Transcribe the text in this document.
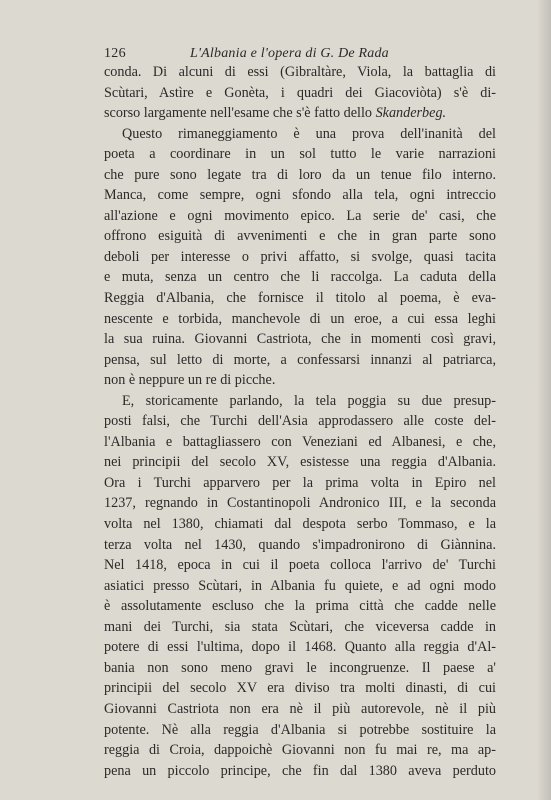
126	L'Albania e l'opera di G. De Rada
conda. Di alcuni di essi (Gibraltàre, Viola, la battaglia di
Scùtari, Astìre e Gonèta, i quadri dei Giacoviòta) s'è di-
scorso largamente nell'esame che s'è fatto dello Skanderbeg.
Questo rimaneggiamento è una prova dell'inanità del
poeta a coordinare in un sol tutto le varie narrazioni
che pure sono legate tra di loro da un tenue filo interno.
Manca, come sempre, ogni sfondo alla tela, ogni intreccio
all'azione e ogni movimento epico. La serie de' casi, che
offrono esiguità di avvenimenti e che in gran parte sono
deboli per interesse o privi affatto, si svolge, quasi tacita
e muta, senza un centro che li raccolga. La caduta della
Reggia d'Albania, che fornisce il titolo al poema, è eva-
nescente e torbida, manchevole di un eroe, a cui essa leghi
la sua ruina. Giovanni Castriota, che in momenti così gravi,
pensa, sul letto di morte, a confessarsi innanzi al patriarca,
non è neppure un re di picche.
E, storicamente parlando, la tela poggia su due presup-
posti falsi, che Turchi dell'Asia approdassero alle coste del-
l'Albania e battagliassero con Veneziani ed Albanesi, e che,
nei principii del secolo XV, esistesse una reggia d'Albania.
Ora i Turchi apparvero per la prima volta in Epiro nel
1237, regnando in Costantinopoli Andronico III, e la seconda
volta nel 1380, chiamati dal despota serbo Tommaso, e la
terza volta nel 1430, quando s'impadronirono di Giànnina.
Nel 1418, epoca in cui il poeta colloca l'arrivo de' Turchi
asiatici presso Scùtari, in Albania fu quiete, e ad ogni modo
è assolutamente escluso che la prima città che cadde nelle
mani dei Turchi, sia stata Scùtari, che viceversa cadde in
potere di essi l'ultima, dopo il 1468. Quanto alla reggia d'Al-
bania non sono meno gravi le incongruenze. Il paese a'
principii del secolo XV era diviso tra molti dinasti, di cui
Giovanni Castriota non era nè il più autorevole, nè il più
potente. Nè alla reggia d'Albania si potrebbe sostituire la
reggia di Croia, dappoichè Giovanni non fu mai re, ma ap-
pena un piccolo principe, che fin dal 1380 aveva perduto
